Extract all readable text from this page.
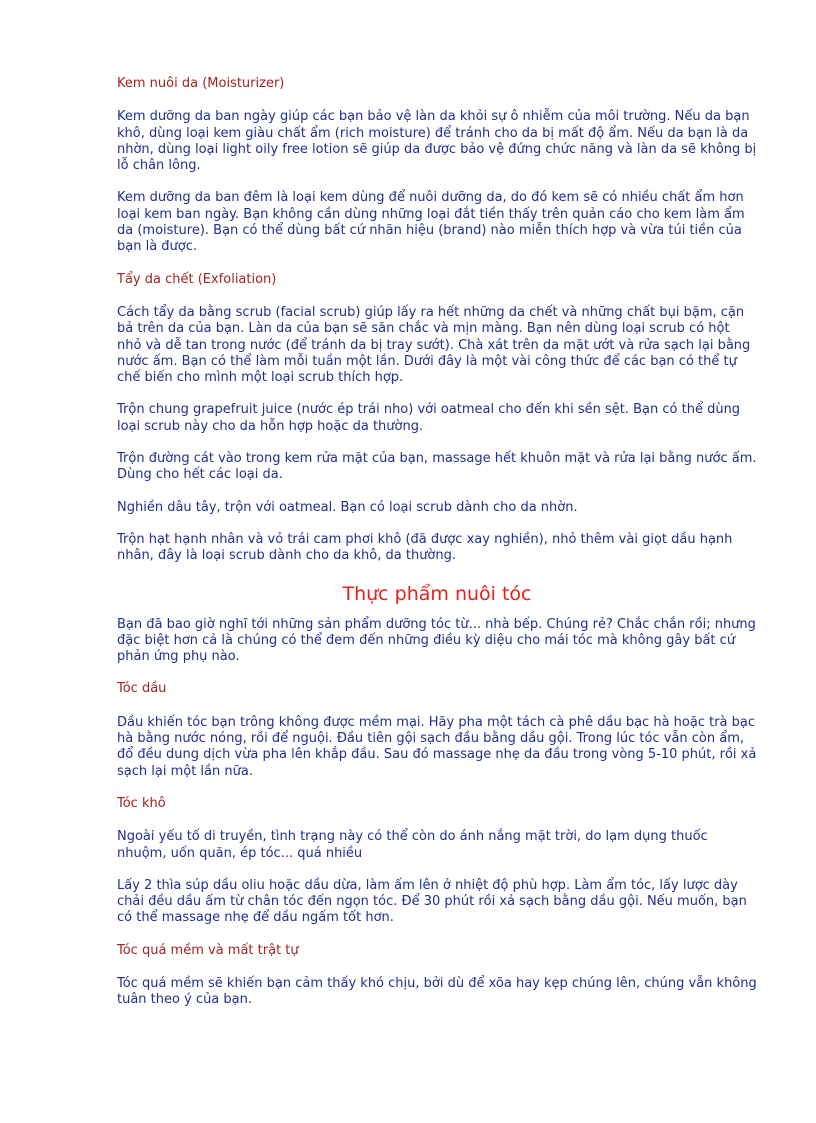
Kem nuôi da (Moisturizer)

Kem dưỡng da ban ngày giúp các bạn bảo vệ làn da khỏi sự ô nhiễm của môi trường. Nếu da bạn khô, dùng loại kem giàu chất ẩm (rich moisture) để tránh cho da bị mất độ ẩm. Nếu da bạn là da nhờn, dùng loại light oily free lotion sẽ giúp da được bảo vệ đứng chức năng và làn da sẽ không bị lỗ chân lông.

Kem dưỡng da ban đêm là loại kem dùng để nuôi dưỡng da, do đó kem sẽ có nhiều chất ẩm hơn loại kem ban ngày. Bạn không cần dùng những loại đắt tiền thấy trên quản cáo cho kem làm ẩm da (moisture). Bạn có thể dùng bất cứ nhãn hiệu (brand) nào miễn thích hợp và vừa túi tiền của bạn là được.

Tẩy da chết (Exfoliation)

Cách tẩy da bằng scrub (facial scrub) giúp lấy ra hết những da chết và những chất bụi bặm, cặn bả trên da của bạn. Làn da của bạn sẽ săn chắc và mịn màng. Bạn nên dùng loại scrub có hột nhỏ và dễ tan trong nước (để tránh da bị tray sướt). Chà xát trên da mặt ướt và rửa sạch lại bằng nước ấm. Bạn có thể làm mỗi tuần một lần. Dưới đây là một vài công thức để các bạn có thể tự chế biến cho mình một loại scrub thích hợp.

Trộn chung grapefruit juice (nước ép trái nho) với oatmeal cho đến khi sền sệt. Bạn có thể dùng loại scrub này cho da hỗn hợp hoặc da thường.

Trộn đường cát vào trong kem rửa mặt của bạn, massage hết khuôn mặt và rửa lại bằng nước ấm. Dùng cho hết các loại da.

Nghiền dâu tây, trộn với oatmeal. Bạn có loại scrub dành cho da nhờn.

Trộn hạt hạnh nhân và vỏ trái cam phơi khô (đã được xay nghiền), nhỏ thêm vài giọt dầu hạnh nhân, đây là loại scrub dành cho da khô, da thường.

Thực phẩm nuôi tóc

Bạn đã bao giờ nghĩ tới những sản phẩm dưỡng tóc từ... nhà bếp. Chúng rẻ? Chắc chắn rồi; nhưng đặc biệt hơn cả là chúng có thể đem đến những điều kỳ diệu cho mái tóc mà không gây bất cứ phản ứng phụ nào.

Tóc dầu

Dầu khiến tóc bạn trông không được mềm mại. Hãy pha một tách cà phê dầu bạc hà hoặc trà bạc hà bằng nước nóng, rồi để nguội. Đầu tiên gội sạch đầu bằng dầu gội. Trong lúc tóc vẫn còn ẩm, đổ đều dung dịch vừa pha lên khắp đầu. Sau đó massage nhẹ da đầu trong vòng 5-10 phút, rồi xả sạch lại một lần nữa.

Tóc khô

Ngoài yếu tố di truyền, tình trạng này có thể còn do ánh nắng mặt trời, do lạm dụng thuốc nhuộm, uốn quăn, ép tóc... quá nhiều

Lấy 2 thìa súp dầu oliu hoặc dầu dừa, làm ấm lên ở nhiệt độ phù hợp. Làm ẩm tóc, lấy lược dày chải đều dầu ấm từ chân tóc đến ngọn tóc. Để 30 phút rồi xả sạch bằng dầu gội. Nếu muốn, bạn có thể massage nhẹ để dầu ngấm tốt hơn.

Tóc quá mềm và mất trật tự

Tóc quá mềm sẽ khiến bạn cảm thấy khó chịu, bởi dù để xõa hay kẹp chúng lên, chúng vẫn không tuân theo ý của bạn.
